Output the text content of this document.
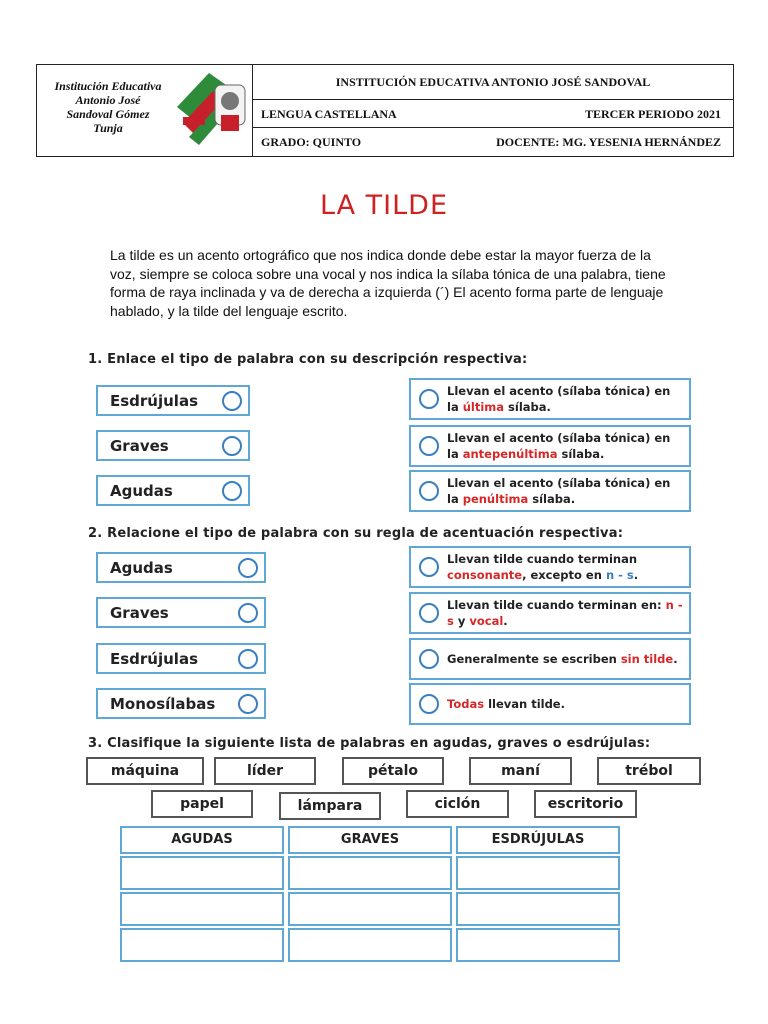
Institución Educativa
Antonio José
Sandoval Gómez
Tunja
INSTITUCIÓN EDUCATIVA ANTONIO JOSÉ SANDOVAL
LENGUA CASTELLANA	TERCER PERIODO 2021
GRADO: QUINTO	DOCENTE: MG. YESENIA HERNÁNDEZ
LA TILDE
La tilde es un acento ortográfico que nos indica donde debe estar la mayor fuerza de la voz, siempre se coloca sobre una vocal y nos indica la sílaba tónica de una palabra, tiene forma de raya inclinada y va de derecha a izquierda (´) El acento forma parte de lenguaje hablado, y la tilde del lenguaje escrito.
1. Enlace el tipo de palabra con su descripción respectiva:
Esdrújulas
Graves
Agudas
Llevan el acento (sílaba tónica) en la última sílaba.
Llevan el acento (sílaba tónica) en la antepenúltima sílaba.
Llevan el acento (sílaba tónica) en la penúltima sílaba.
2. Relacione el tipo de palabra con su regla de acentuación respectiva:
Agudas
Graves
Esdrújulas
Monosílabas
Llevan tilde cuando terminan
consonante, excepto en n - s.
Llevan tilde cuando terminan en: n - s y vocal.
Generalmente se escriben sin tilde.
Todas llevan tilde.
3. Clasifique la siguiente lista de palabras en agudas, graves o esdrújulas:
máquina	líder	pétalo	maní	trébol
papel	lámpara	ciclón	escritorio
AGUDAS	GRAVES	ESDRÚJULAS
